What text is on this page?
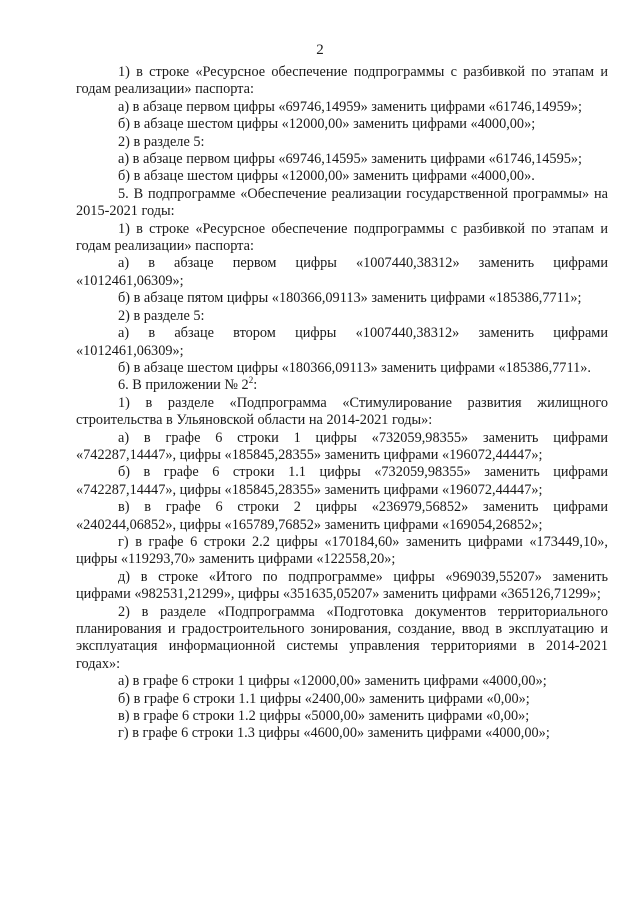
2

1) в строке «Ресурсное обеспечение подпрограммы с разбивкой по этапам и годам реализации» паспорта:

а) в абзаце первом цифры «69746,14959» заменить цифрами «61746,14959»;

б) в абзаце шестом цифры «12000,00» заменить цифрами «4000,00»;

2) в разделе 5:

а) в абзаце первом цифры «69746,14595» заменить цифрами «61746,14595»;

б) в абзаце шестом цифры «12000,00» заменить цифрами «4000,00».

5. В подпрограмме «Обеспечение реализации государственной программы» на 2015-2021 годы:

1) в строке «Ресурсное обеспечение подпрограммы с разбивкой по этапам и годам реализации» паспорта:

а) в абзаце первом цифры «1007440,38312» заменить цифрами «1012461,06309»;

б) в абзаце пятом цифры «180366,09113» заменить цифрами «185386,7711»;

2) в разделе 5:

а) в абзаце втором цифры «1007440,38312» заменить цифрами «1012461,06309»;

б) в абзаце шестом цифры «180366,09113» заменить цифрами «185386,7711».

6. В приложении № $2^2$:

1) в разделе «Подпрограмма «Стимулирование развития жилищного строительства в Ульяновской области на 2014-2021 годы»:

а) в графе 6 строки 1 цифры «732059,98355» заменить цифрами «742287,14447», цифры «185845,28355» заменить цифрами «196072,44447»;

б) в графе 6 строки 1.1 цифры «732059,98355» заменить цифрами «742287,14447», цифры «185845,28355» заменить цифрами «196072,44447»;

в) в графе 6 строки 2 цифры «236979,56852» заменить цифрами «240244,06852», цифры «165789,76852» заменить цифрами «169054,26852»;

г) в графе 6 строки 2.2 цифры «170184,60» заменить цифрами «173449,10», цифры «119293,70» заменить цифрами «122558,20»;

д) в строке «Итого по подпрограмме» цифры «969039,55207» заменить цифрами «982531,21299», цифры «351635,05207» заменить цифрами «365126,71299»;

2) в разделе «Подпрограмма «Подготовка документов территориального планирования и градостроительного зонирования, создание, ввод в эксплуатацию и эксплуатация информационной системы управления территориями в 2014-2021 годах»:

а) в графе 6 строки 1 цифры «12000,00» заменить цифрами «4000,00»;

б) в графе 6 строки 1.1 цифры «2400,00» заменить цифрами «0,00»;

в) в графе 6 строки 1.2 цифры «5000,00» заменить цифрами «0,00»;

г) в графе 6 строки 1.3 цифры «4600,00» заменить цифрами «4000,00»;
